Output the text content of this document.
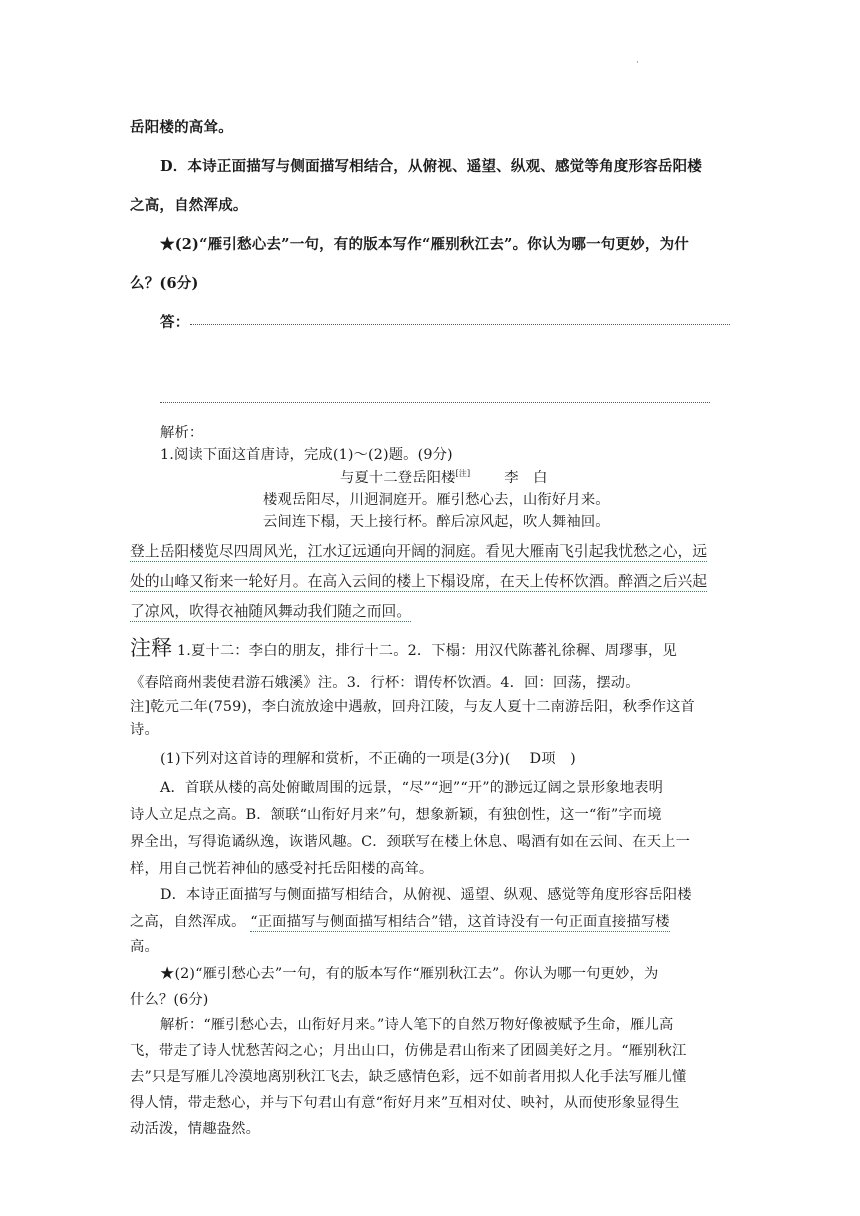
·

岳阳楼的高耸。

D．本诗正面描写与侧面描写相结合，从俯视、遥望、纵观、感觉等角度形容岳阳楼

之高，自然浑成。

★(2)“雁引愁心去”一句，有的版本写作“雁别秋江去”。你认为哪一句更妙，为什

么？(6分)

答：

解析：

1.阅读下面这首唐诗，完成(1)～(2)题。(9分)

与夏十二登岳阳楼[注] 李　白

楼观岳阳尽，川迥洞庭开。雁引愁心去，山衔好月来。

云间连下榻，天上接行杯。醉后凉风起，吹人舞袖回。

登上岳阳楼览尽四周风光，江水辽远通向开阔的洞庭。看见大雁南飞引起我忧愁之心，远
处的山峰又衔来一轮好月。在高入云间的楼上下榻设席，在天上传杯饮酒。醉酒之后兴起
了凉风，吹得衣袖随风舞动我们随之而回。

注释 1.夏十二：李白的朋友，排行十二。2．下榻：用汉代陈蕃礼徐穉、周璆事，见

《春陪商州裴使君游石娥溪》注。3．行杯：谓传杯饮酒。4．回：回荡，摆动。

注]乾元二年(759)，李白流放途中遇赦，回舟江陵，与友人夏十二南游岳阳，秋季作这首

诗。

(1)下列对这首诗的理解和赏析，不正确的一项是(3分)(　 D项　)

A．首联从楼的高处俯瞰周围的远景，“尽”“迥”“开”的渺远辽阔之景形象地表明

诗人立足点之高。B．颔联“山衔好月来”句，想象新颖，有独创性，这一“衔”字而境

界全出，写得诡谲纵逸，诙谐风趣。C．颈联写在楼上休息、喝酒有如在云间、在天上一

样，用自己恍若神仙的感受衬托岳阳楼的高耸。

D．本诗正面描写与侧面描写相结合，从俯视、遥望、纵观、感觉等角度形容岳阳楼

之高，自然浑成。 “正面描写与侧面描写相结合”错，这首诗没有一句正面直接描写楼

高。

★(2)“雁引愁心去”一句，有的版本写作“雁别秋江去”。你认为哪一句更妙，为

什么？(6分)

解析：“雁引愁心去，山衔好月来。”诗人笔下的自然万物好像被赋予生命，雁儿高

飞，带走了诗人忧愁苦闷之心；月出山口，仿佛是君山衔来了团圆美好之月。“雁别秋江

去”只是写雁儿冷漠地离别秋江飞去，缺乏感情色彩，远不如前者用拟人化手法写雁儿懂

得人情，带走愁心，并与下句君山有意“衔好月来”互相对仗、映衬，从而使形象显得生

动活泼，情趣盎然。
